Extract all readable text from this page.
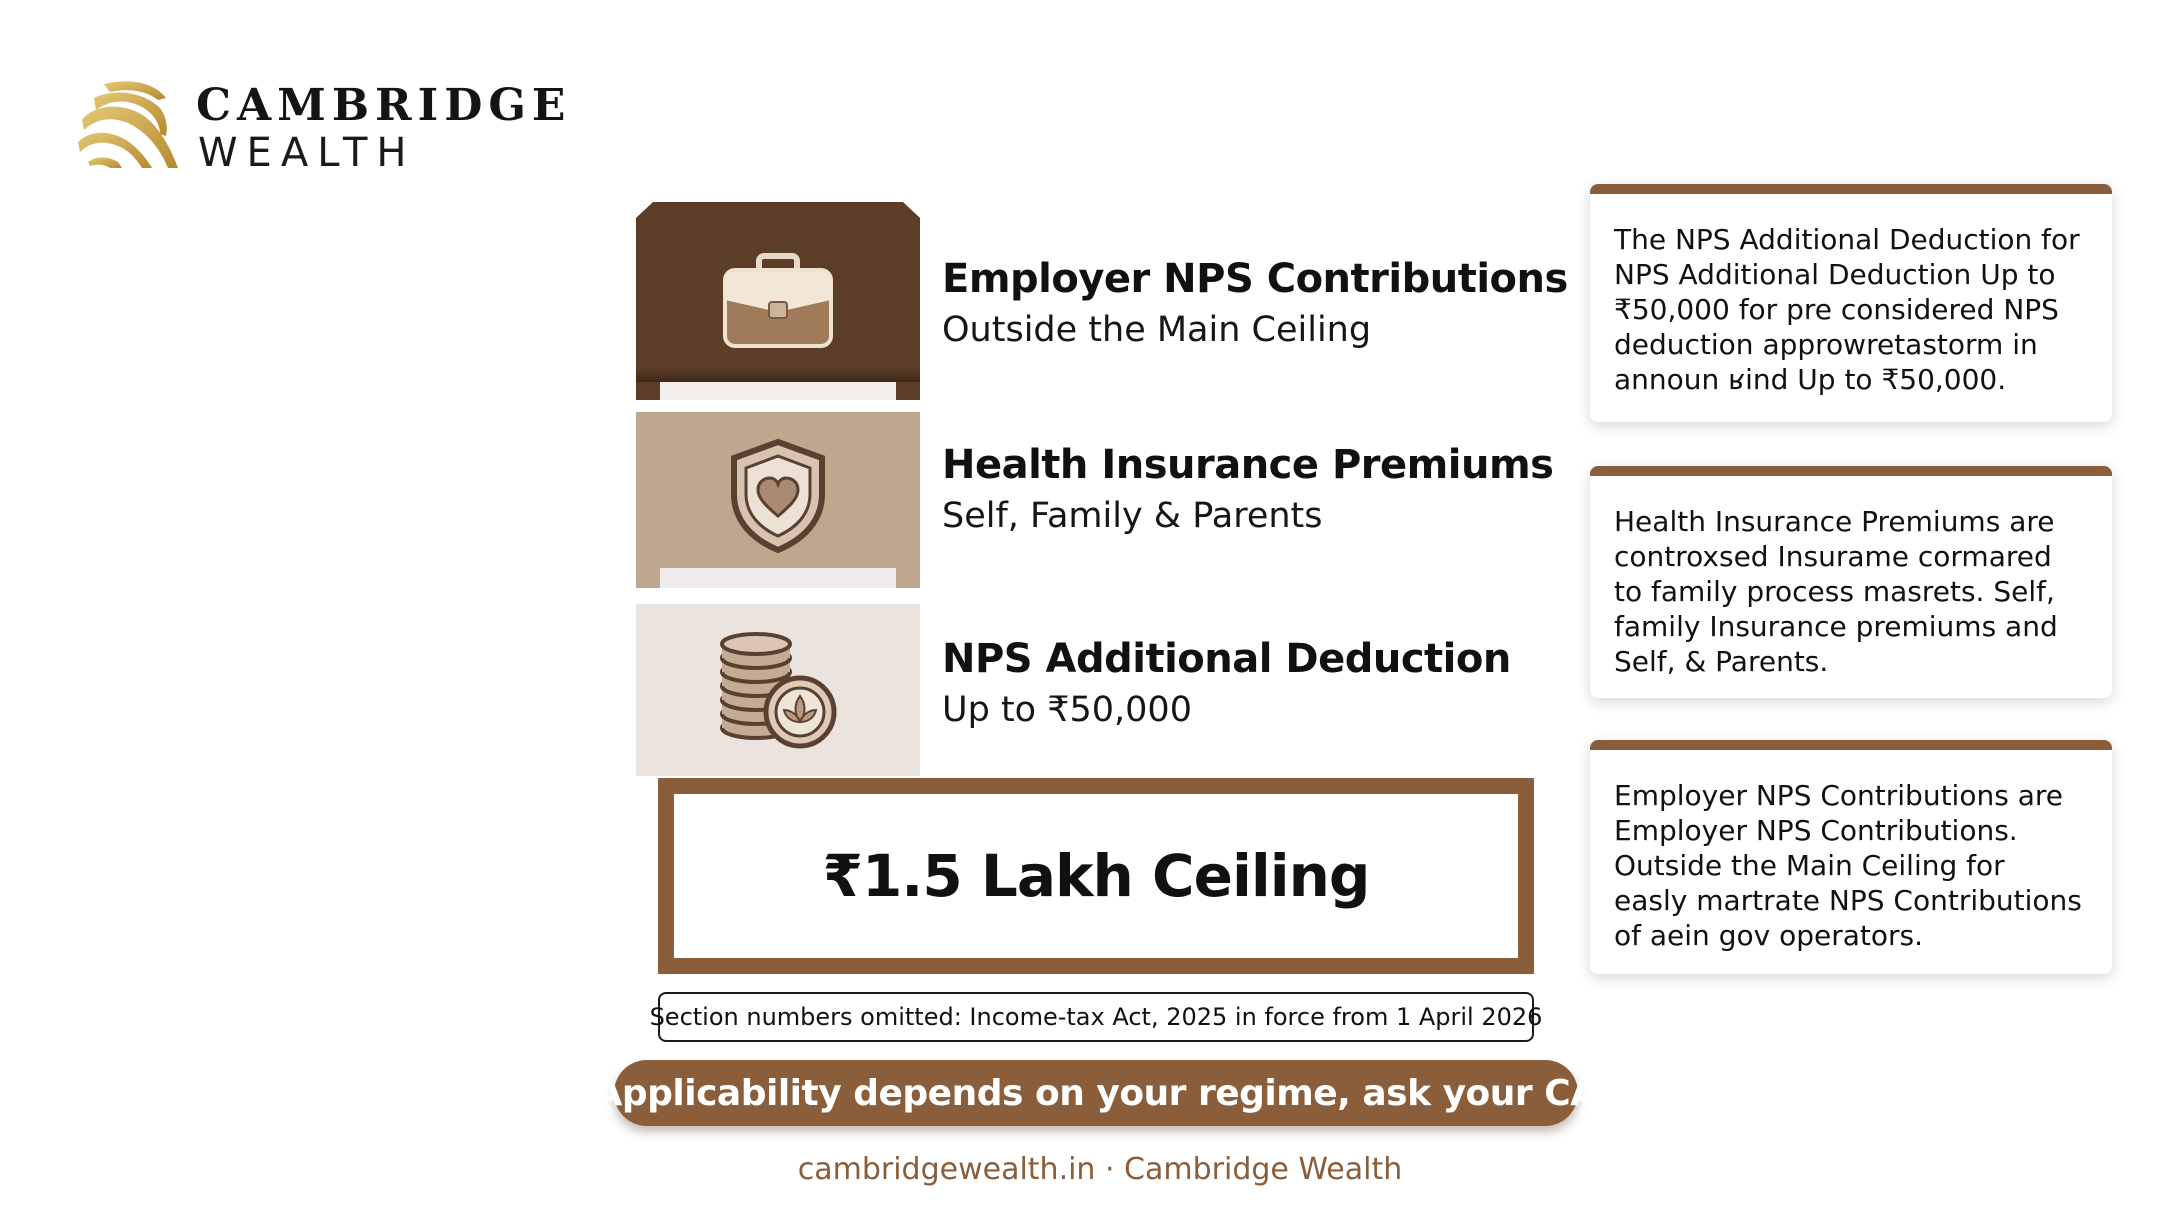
CAMBRIDGE
WEALTH
Employer NPS Contributions
Outside the Main Ceiling
Health Insurance Premiums
Self, Family & Parents
NPS Additional Deduction
Up to ₹50,000
₹1.5 Lakh Ceiling
Section numbers omitted: Income-tax Act, 2025 in force from 1 April 2026
Applicability depends on your regime, ask your CA
cambridgewealth.in · Cambridge Wealth
The NPS Additional Deduction for
NPS Additional Deduction Up to
₹50,000 for pre considered NPS
deduction approwretastorm in
announ ʁind Up to ₹50,000.
Health Insurance Premiums are
controxsed Insurame cormared
to family process masrets. Self,
family Insurance premiums and
Self, & Parents.
Employer NPS Contributions are
Employer NPS Contributions.
Outside the Main Ceiling for
easly martrate NPS Contributions
of aein gov operators.
